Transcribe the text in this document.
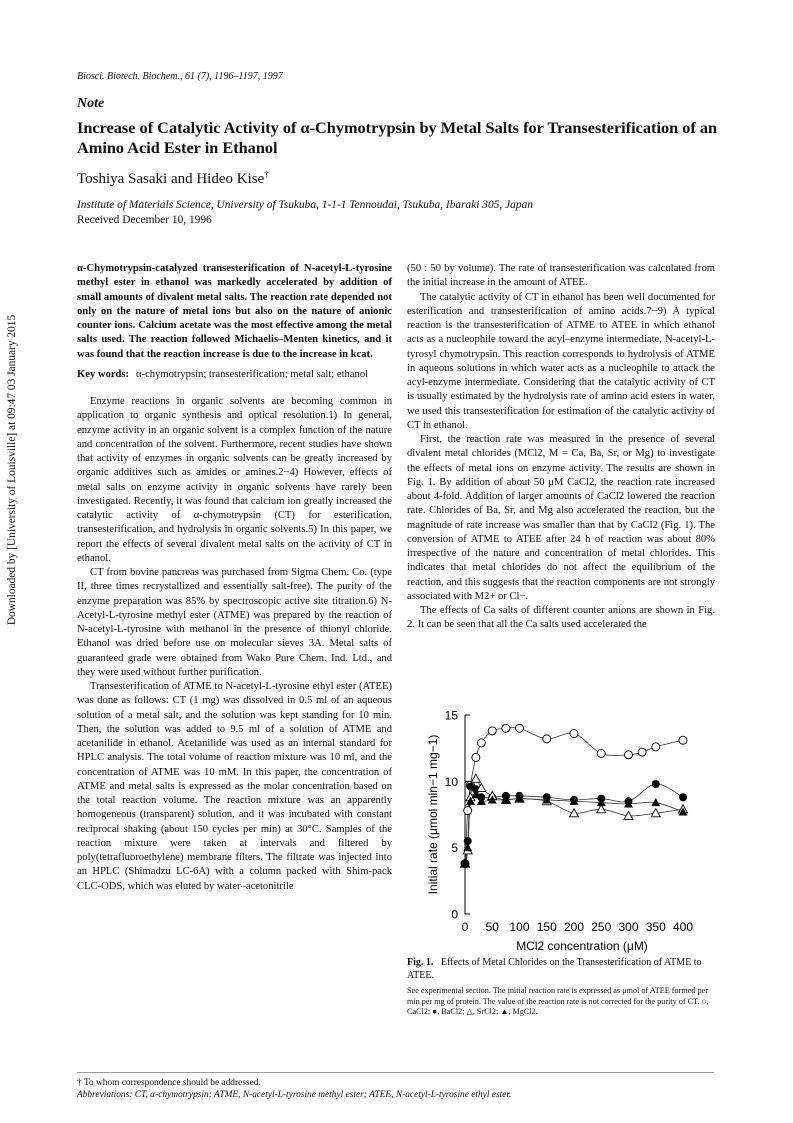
Biosci. Biotech. Biochem., 61 (7), 1196–1197, 1997
Note
Increase of Catalytic Activity of α-Chymotrypsin by Metal Salts for Transesterification of an Amino Acid Ester in Ethanol
Toshiya Sasaki and Hideo Kise†
Institute of Materials Science, University of Tsukuba, 1-1-1 Tennoudai, Tsukuba, Ibaraki 305, Japan
Received December 10, 1996
Downloaded by [University of Louisville] at 09:47 03 January 2015

α-Chymotrypsin-catalyzed transesterification of N-acetyl-L-tyrosine methyl ester in ethanol was markedly accelerated by addition of small amounts of divalent metal salts. The reaction rate depended not only on the nature of metal ions but also on the nature of anionic counter ions. Calcium acetate was the most effective among the metal salts used. The reaction followed Michaelis–Menten kinetics, and it was found that the reaction increase is due to the increase in kcat.

Key words: α-chymotrypsin; transesterification; metal salt; ethanol

Enzyme reactions in organic solvents are becoming common in application to organic synthesis and optical resolution.1) In general, enzyme activity in an organic solvent is a complex function of the nature and concentration of the solvent. Furthermore, recent studies have shown that activity of enzymes in organic solvents can be greatly increased by organic additives such as amides or amines.2−4) However, effects of metal salts on enzyme activity in organic solvents have rarely been investigated. Recently, it was found that calcium ion greatly increased the catalytic activity of α-chymotrypsin (CT) for esterification, transesterification, and hydrolysis in organic solvents.5) In this paper, we report the effects of several divalent metal salts on the activity of CT in ethanol.

CT from bovine pancreas was purchased from Sigma Chem. Co. (type II, three times recrystallized and essentially salt-free). The purity of the enzyme preparation was 85% by spectroscopic active site titration.6) N-Acetyl-L-tyrosine methyl ester (ATME) was prepared by the reaction of N-acetyl-L-tyrosine with methanol in the presence of thionyl chloride. Ethanol was dried before use on molecular sieves 3A. Metal salts of guaranteed grade were obtained from Wako Pure Chem. Ind. Ltd., and they were used without further purification.

Transesterification of ATME to N-acetyl-L-tyrosine ethyl ester (ATEE) was done as follows: CT (1 mg) was dissolved in 0.5 ml of an aqueous solution of a metal salt, and the solution was kept standing for 10 min. Then, the solution was added to 9.5 ml of a solution of ATME and acetanilide in ethanol. Acetanilide was used as an internal standard for HPLC analysis. The total volume of reaction mixture was 10 ml, and the concentration of ATME was 10 mM. In this paper, the concentration of ATME and metal salts is expressed as the molar concentration based on the total reaction volume. The reaction mixture was an apparently homogeneous (transparent) solution, and it was incubated with constant reciprocal shaking (about 150 cycles per min) at 30°C. Samples of the reaction mixture were taken at intervals and filtered by poly(tetrafluoroethylene) membrane filters. The filtrate was injected into an HPLC (Shimadzu LC-6A) with a column packed with Shim-pack CLC-ODS, which was eluted by water–acetonitrile

(50 : 50 by volume). The rate of transesterification was calculated from the initial increase in the amount of ATEE.

The catalytic activity of CT in ethanol has been well documented for esterification and transesterification of amino acids.7−9) A typical reaction is the transesterification of ATME to ATEE in which ethanol acts as a nucleophile toward the acyl–enzyme intermediate, N-acetyl-L-tyrosyl chymotrypsin. This reaction corresponds to hydrolysis of ATME in aqueous solutions in which water acts as a nucleophile to attack the acyl-enzyme intermediate. Considering that the catalytic activity of CT is usually estimated by the hydrolysis rate of amino acid esters in water, we used this transesterification for estimation of the catalytic activity of CT in ethanol.

First, the reaction rate was measured in the presence of several divalent metal chlorides (MCl2, M = Ca, Ba, Sr, or Mg) to investigate the effects of metal ions on enzyme activity. The results are shown in Fig. 1. By addition of about 50 μM CaCl2, the reaction rate increased about 4-fold. Addition of larger amounts of CaCl2 lowered the reaction rate. Chlorides of Ba, Sr, and Mg also accelerated the reaction, but the magnitude of rate increase was smaller than that by CaCl2 (Fig. 1). The conversion of ATME to ATEE after 24 h of reaction was about 80% irrespective of the nature and concentration of metal chlorides. This indicates that metal chlorides do not affect the equilibrium of the reaction, and this suggests that the reaction components are not strongly associated with M2+ or Cl−.

The effects of Ca salts of different counter anions are shown in Fig. 2. It can be seen that all the Ca salts used accelerated the

0
5
10
15
0 50 100 150 200 250 300 350 400
MCl2 concentration (μM)
Initial rate (μmol min−1 mg−1)

Fig. 1. Effects of Metal Chlorides on the Transesterification of ATME to ATEE.

See experimental section. The initial reaction rate is expressed as μmol of ATEE formed per min per mg of protein. The value of the reaction rate is not corrected for the purity of CT. ○, CaCl2; ●, BaCl2; △, SrCl2; ▲, MgCl2.

† To whom correspondence should be addressed.
Abbreviations: CT, α-chymotrypsin; ATME, N-acetyl-L-tyrosine methyl ester; ATEE, N-acetyl-L-tyrosine ethyl ester.
